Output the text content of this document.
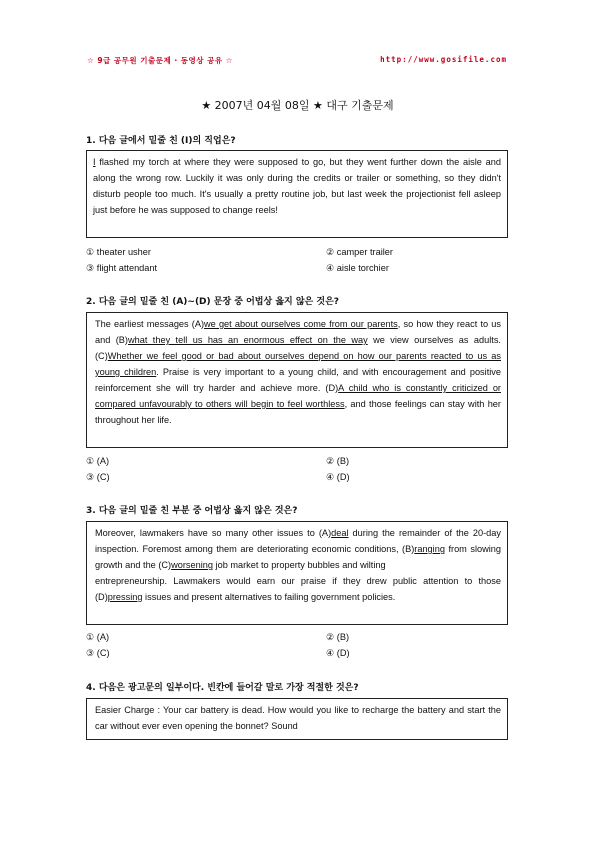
☆ 9급 공무원 기출문제 · 동영상 공유 ☆	http://www.gosifile.com
★ 2007년 04월 08일 ★ 대구 기출문제
1. 다음 글에서 밑줄 친 (I)의 직업은?
I flashed my torch at where they were supposed to go, but they went further down the aisle and along the wrong row. Luckily it was only during the credits or trailer or something, so they didn't disturb people too much. It's usually a pretty routine job, but last week the projectionist fell asleep just before he was supposed to change reels!
① theater usher	② camper trailer
③ flight attendant	④ aisle torchier
2. 다음 글의 밑줄 친 (A)~(D) 문장 중 어법상 옳지 않은 것은?
The earliest messages (A)we get about ourselves come from our parents, so how they react to us and (B)what they tell us has an enormous effect on the way we view ourselves as adults. (C)Whether we feel good or bad about ourselves depend on how our parents reacted to us as young children. Praise is very important to a young child, and with encouragement and positive reinforcement she will try harder and achieve more. (D)A child who is constantly criticized or compared unfavourably to others will begin to feel worthless, and those feelings can stay with her throughout her life.
① (A)	② (B)
③ (C)	④ (D)
3. 다음 글의 밑줄 친 부분 중 어법상 옳지 않은 것은?
Moreover, lawmakers have so many other issues to (A)deal during the remainder of the 20-day inspection. Foremost among them are deteriorating economic conditions, (B)ranging from slowing growth and the (C)worsening job market to property bubbles and wilting
entrepreneurship. Lawmakers would earn our praise if they drew public attention to those (D)pressing issues and present alternatives to failing government policies.
① (A)	② (B)
③ (C)	④ (D)
4. 다음은 광고문의 일부이다. 빈칸에 들어갈 말로 가장 적절한 것은?
Easier Charge : Your car battery is dead. How would you like to recharge the battery and start the car without ever even opening the bonnet? Sound
